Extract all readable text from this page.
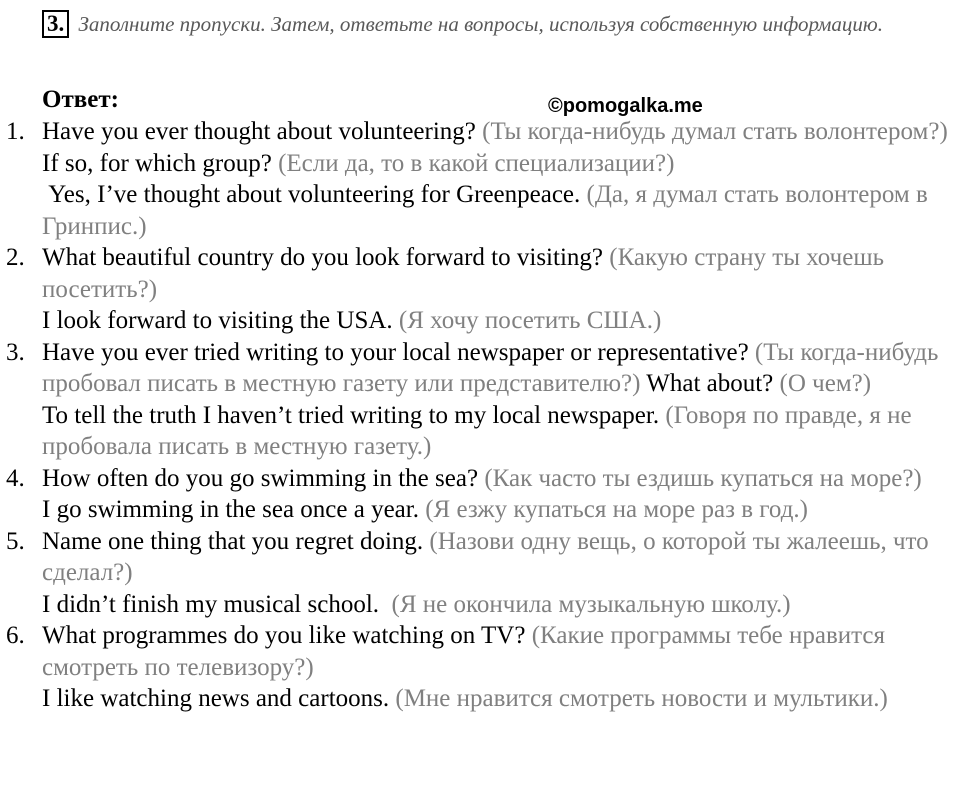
3. Заполните пропуски. Затем, ответьте на вопросы, используя собственную информацию.
Ответ:	©pomogalka.me
1. Have you ever thought about volunteering? (Ты когда-нибудь думал стать волонтером?) If so, for which group? (Если да, то в какой специализации?)
Yes, I’ve thought about volunteering for Greenpeace. (Да, я думал стать волонтером в Гринпис.)
2. What beautiful country do you look forward to visiting? (Какую страну ты хочешь посетить?)
I look forward to visiting the USA. (Я хочу посетить США.)
3. Have you ever tried writing to your local newspaper or representative? (Ты когда-нибудь пробовал писать в местную газету или представителю?) What about? (О чем?)
To tell the truth I haven’t tried writing to my local newspaper. (Говоря по правде, я не пробовала писать в местную газету.)
4. How often do you go swimming in the sea? (Как часто ты ездишь купаться на море?)
I go swimming in the sea once a year. (Я езжу купаться на море раз в год.)
5. Name one thing that you regret doing. (Назови одну вещь, о которой ты жалеешь, что сделал?)
I didn’t finish my musical school. (Я не окончила музыкальную школу.)
6. What programmes do you like watching on TV? (Какие программы тебе нравится смотреть по телевизору?)
I like watching news and cartoons. (Мне нравится смотреть новости и мультики.)
